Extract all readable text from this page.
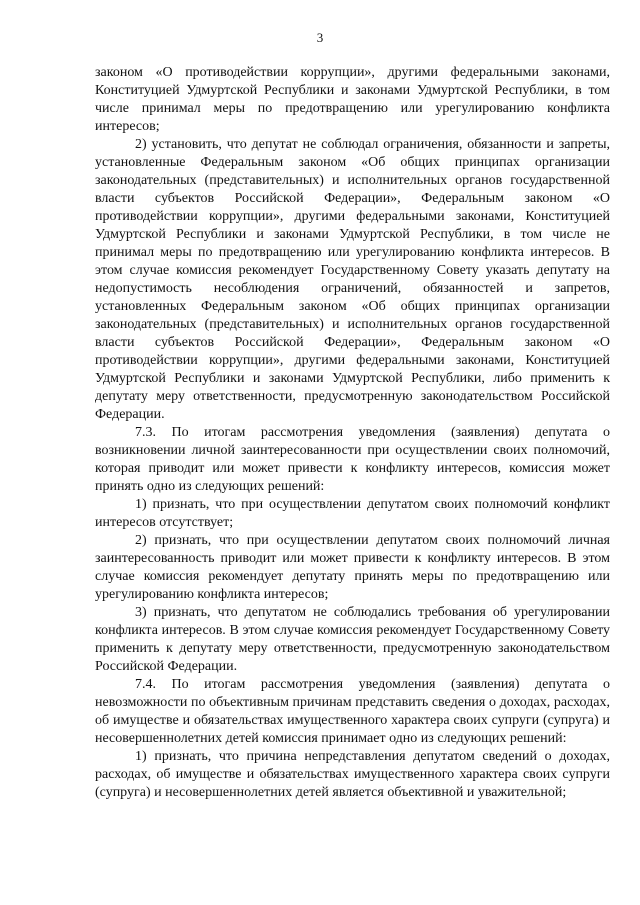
3

законом «О противодействии коррупции», другими федеральными законами, Конституцией Удмуртской Республики и законами Удмуртской Республики, в том числе принимал меры по предотвращению или урегулированию конфликта интересов;

2) установить, что депутат не соблюдал ограничения, обязанности и запреты, установленные Федеральным законом «Об общих принципах организации законодательных (представительных) и исполнительных органов государственной власти субъектов Российской Федерации», Федеральным законом «О противодействии коррупции», другими федеральными законами, Конституцией Удмуртской Республики и законами Удмуртской Республики, в том числе не принимал меры по предотвращению или урегулированию конфликта интересов. В этом случае комиссия рекомендует Государственному Совету указать депутату на недопустимость несоблюдения ограничений, обязанностей и запретов, установленных Федеральным законом «Об общих принципах организации законодательных (представительных) и исполнительных органов государственной власти субъектов Российской Федерации», Федеральным законом «О противодействии коррупции», другими федеральными законами, Конституцией Удмуртской Республики и законами Удмуртской Республики, либо применить к депутату меру ответственности, предусмотренную законодательством Российской Федерации.

7.3. По итогам рассмотрения уведомления (заявления) депутата о возникновении личной заинтересованности при осуществлении своих полномочий, которая приводит или может привести к конфликту интересов, комиссия может принять одно из следующих решений:

1) признать, что при осуществлении депутатом своих полномочий конфликт интересов отсутствует;

2) признать, что при осуществлении депутатом своих полномочий личная заинтересованность приводит или может привести к конфликту интересов. В этом случае комиссия рекомендует депутату принять меры по предотвращению или урегулированию конфликта интересов;

3) признать, что депутатом не соблюдались требования об урегулировании конфликта интересов. В этом случае комиссия рекомендует Государственному Совету применить к депутату меру ответственности, предусмотренную законодательством Российской Федерации.

7.4. По итогам рассмотрения уведомления (заявления) депутата о невозможности по объективным причинам представить сведения о доходах, расходах, об имуществе и обязательствах имущественного характера своих супруги (супруга) и несовершеннолетних детей комиссия принимает одно из следующих решений:

1) признать, что причина непредставления депутатом сведений о доходах, расходах, об имуществе и обязательствах имущественного характера своих супруги (супруга) и несовершеннолетних детей является объективной и уважительной;
